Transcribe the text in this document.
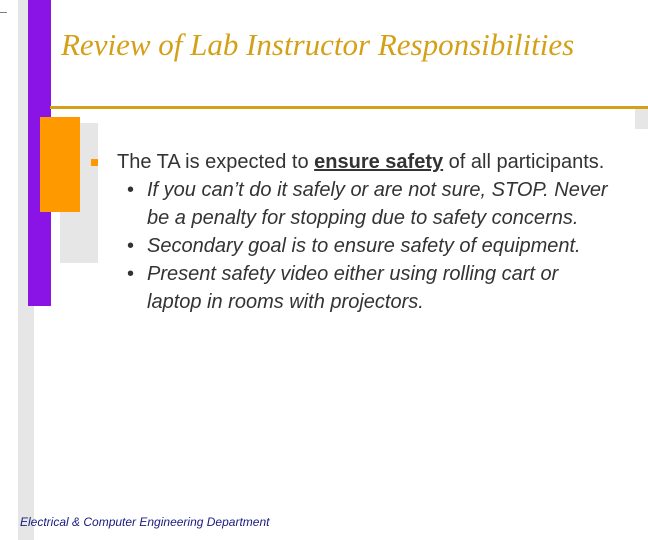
Review of Lab Instructor Responsibilities
The TA is expected to ensure safety of all participants.
• If you can’t do it safely or are not sure, STOP. Never be a penalty for stopping due to safety concerns.
• Secondary goal is to ensure safety of equipment.
• Present safety video either using rolling cart or laptop in rooms with projectors.
Electrical & Computer Engineering Department
